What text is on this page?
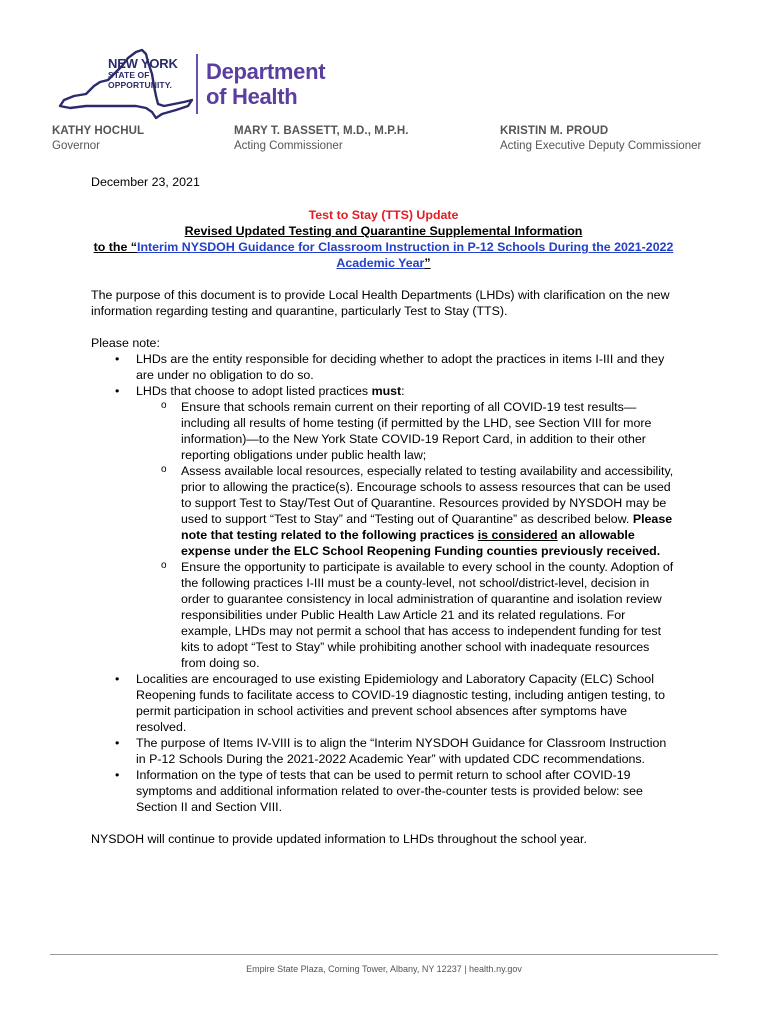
NEW YORK
STATE OF
OPPORTUNITY.
Department
of Health
KATHY HOCHUL
Governor
MARY T. BASSETT, M.D., M.P.H.
Acting Commissioner
KRISTIN M. PROUD
Acting Executive Deputy Commissioner

December 23, 2021

Test to Stay (TTS) Update
Revised Updated Testing and Quarantine Supplemental Information
to the “Interim NYSDOH Guidance for Classroom Instruction in P-12 Schools During the 2021-2022 Academic Year”

The purpose of this document is to provide Local Health Departments (LHDs) with clarification on the new information regarding testing and quarantine, particularly Test to Stay (TTS).

Please note:

• LHDs are the entity responsible for deciding whether to adopt the practices in items I-III and they are under no obligation to do so.
• LHDs that choose to adopt listed practices must:
o Ensure that schools remain current on their reporting of all COVID-19 test results—including all results of home testing (if permitted by the LHD, see Section VIII for more information)—to the New York State COVID-19 Report Card, in addition to their other reporting obligations under public health law;
o Assess available local resources, especially related to testing availability and accessibility, prior to allowing the practice(s). Encourage schools to assess resources that can be used to support Test to Stay/Test Out of Quarantine. Resources provided by NYSDOH may be used to support “Test to Stay” and “Testing out of Quarantine” as described below. Please note that testing related to the following practices is considered an allowable expense under the ELC School Reopening Funding counties previously received.
o Ensure the opportunity to participate is available to every school in the county. Adoption of the following practices I-III must be a county-level, not school/district-level, decision in order to guarantee consistency in local administration of quarantine and isolation review responsibilities under Public Health Law Article 21 and its related regulations. For example, LHDs may not permit a school that has access to independent funding for test kits to adopt “Test to Stay” while prohibiting another school with inadequate resources from doing so.
• Localities are encouraged to use existing Epidemiology and Laboratory Capacity (ELC) School Reopening funds to facilitate access to COVID-19 diagnostic testing, including antigen testing, to permit participation in school activities and prevent school absences after symptoms have resolved.
• The purpose of Items IV-VIII is to align the “Interim NYSDOH Guidance for Classroom Instruction in P-12 Schools During the 2021-2022 Academic Year” with updated CDC recommendations.
• Information on the type of tests that can be used to permit return to school after COVID-19 symptoms and additional information related to over-the-counter tests is provided below: see Section II and Section VIII.

NYSDOH will continue to provide updated information to LHDs throughout the school year.

Empire State Plaza, Corning Tower, Albany, NY 12237 | health.ny.gov
